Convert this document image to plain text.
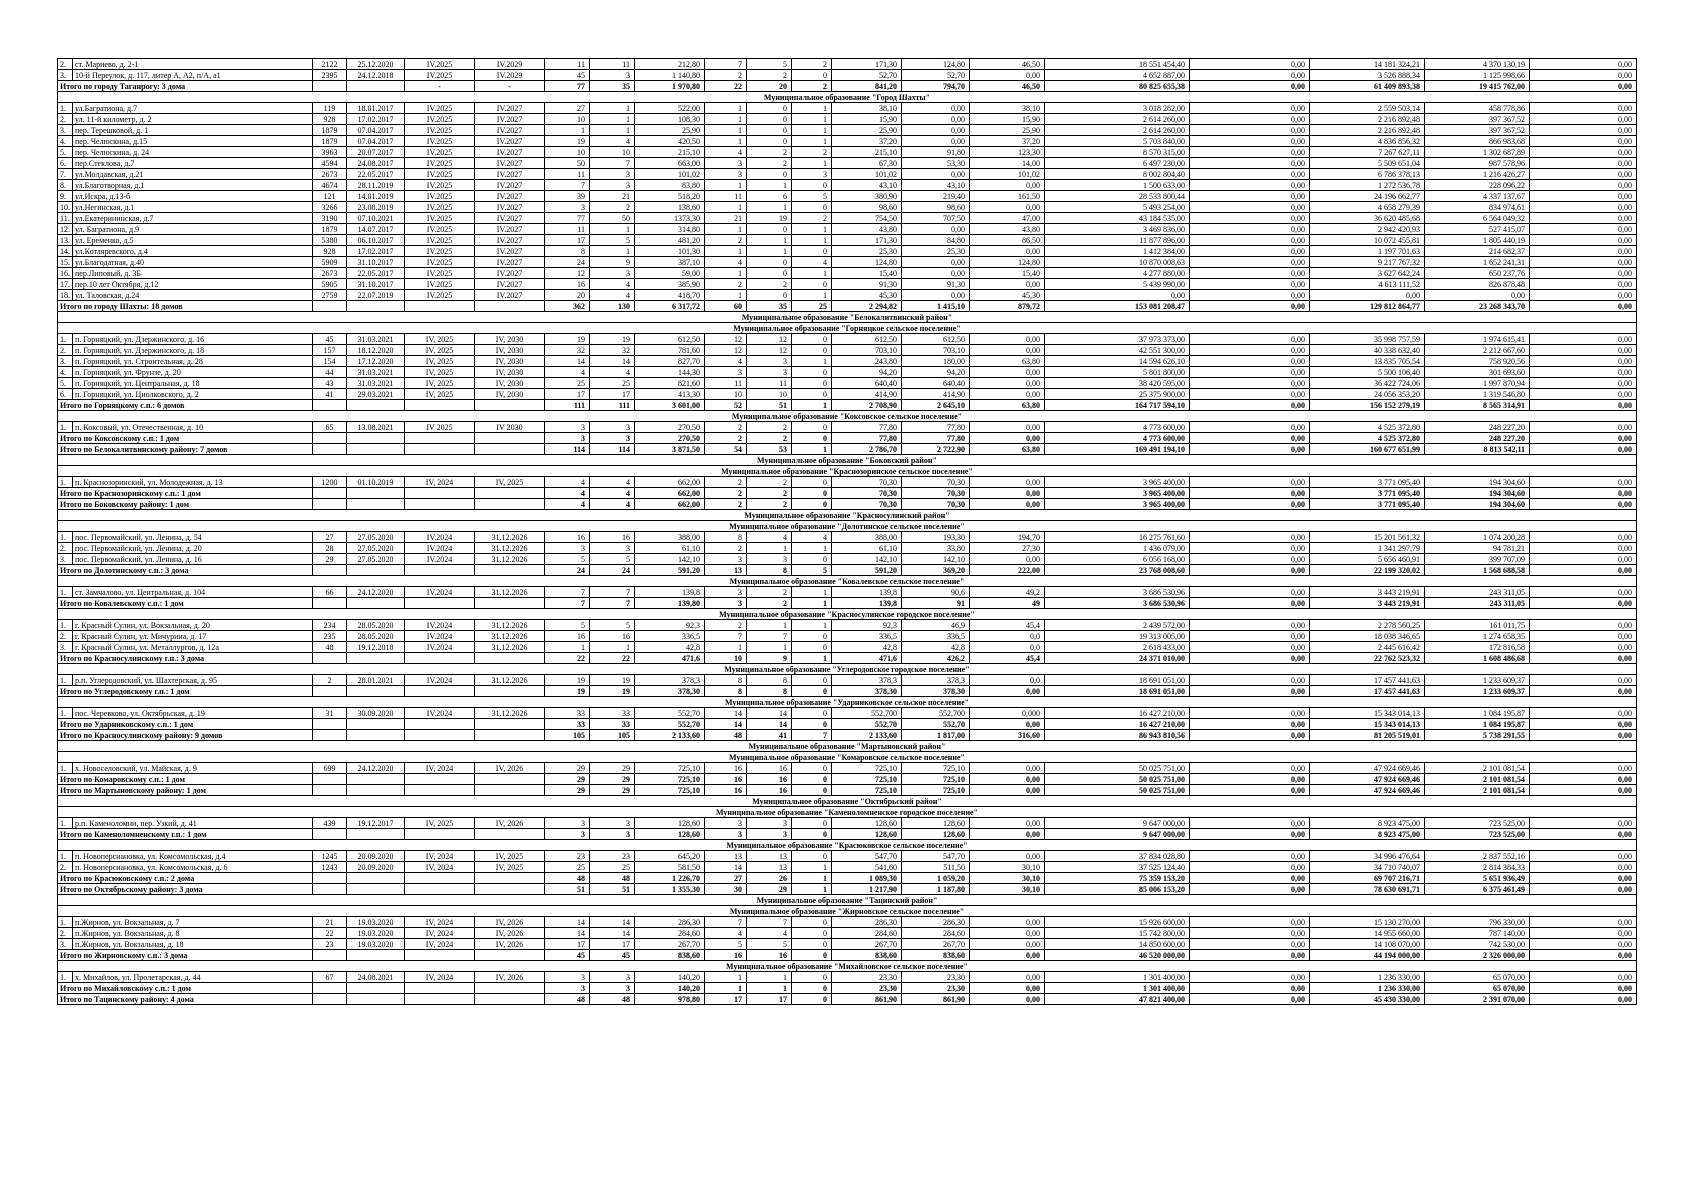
2.	ст. Мариево, д. 2-1	2122	25.12.2020	IV.2025	IV.2029	11	11	212,80	7	5	2	171,30	124,80	46,50	18 551 454,40	0,00	14 181 324,21	4 370 130,19	0,00
3.	10-й Переулок, д. 117, литер А, А2, п/А, а1	2395	24.12.2018	IV.2025	IV.2029	45	3	1 140,80	2	2	0	52,70	52,70	0,00	4 652 887,00	0,00	3 526 888,34	1 125 998,66	0,00
Итого по городу Таганрогу: 3 дома				-	-	77	35	1 970,80	22	20	2	841,20	794,70	46,50	80 825 655,38	0,00	61 409 893,38	19 415 762,00	0,00
Муниципальное образование "Город Шахты"																			
1.	ул.Багратиона, д.7	119	18.01.2017	IV.2025	IV.2027	27	1	522,00	1	0	1	38,10	0,00	38,10	3 018 282,00	0,00	2 559 503,14	458 778,86	0,00
2.	ул. 11-й километр, д. 2	928	17.02.2017	IV.2025	IV.2027	10	1	108,30	1	0	1	15,90	0,00	15,90	2 614 260,00	0,00	2 216 892,48	397 367,52	0,00
3.	пер. Терешковой, д. 1	1879	07.04.2017	IV.2025	IV.2027	1	1	25,90	1	0	1	25,90	0,00	25,90	2 614 260,00	0,00	2 216 892,48	397 367,52	0,00
4.	пер. Челюскина, д.15	1879	07.04.2017	IV.2025	IV.2027	19	4	420,50	1	0	1	37,20	0,00	37,20	5 703 840,00	0,00	4 836 856,32	866 983,68	0,00
5.	пер. Челюскина, д. 24	3963	20.07.2017	IV.2025	IV.2027	10	10	215,10	4	2	2	215,10	91,80	123,30	8 570 315,00	0,00	7 267 627,11	1 302 687,89	0,00
6.	пер.Стекловa, д.7	4594	24.08.2017	IV.2025	IV.2027	50	7	663,00	3	2	1	67,30	53,30	14,00	6 497 230,00	0,00	5 509 651,04	987 578,96	0,00
7.	ул.Молдавская, д.21	2673	22.05.2017	IV.2025	IV.2027	11	3	101,02	3	0	3	101,02	0,00	101,02	8 002 804,40	0,00	6 786 378,13	1 216 426,27	0,00
8.	ул.Благотворная, д.1	4674	28.11.2019	IV.2025	IV.2027	7	3	83,80	1	1	0	43,10	43,10	0,00	1 500 633,00	0,00	1 272 536,78	228 096,22	0,00
9.	ул.Искра, д.13-б	121	14.01.2019	IV.2025	IV.2027	39	21	518,20	11	6	5	380,90	219,40	161,50	28 533 800,44	0,00	24 196 662,77	4 337 137,67	0,00
10.	ул.Негинская, д.1	3266	23.08.2019	IV.2025	IV.2027	3	2	138,60	1	1	0	98,60	98,60	0,00	5 493 254,00	0,00	4 658 279,39	834 974,61	0,00
11.	ул.Екатерининская, д.7	3190	07.10.2021	IV.2025	IV.2027	77	50	1373,30	21	19	2	754,50	707,50	47,00	43 184 535,00	0,00	36 620 485,68	6 564 049,32	0,00
12.	ул. Багратиона, д.9	1879	14.07.2017	IV.2025	IV.2027	11	1	314,80	1	0	1	43,80	0,00	43,80	3 469 836,00	0,00	2 942 420,93	527 415,07	0,00
13.	ул. Еременко, д.5	5380	06.10.2017	IV.2025	IV.2027	17	5	481,20	2	1	1	171,30	84,80	86,50	11 877 896,00	0,00	10 072 455,81	1 805 440,19	0,00
14.	ул.Котляревского, д.4	928	17.02.2017	IV.2025	IV.2027	8	1	101,30	1	1	0	25,30	25,30	0,00	1 412 384,00	0,00	1 197 701,63	214 682,37	0,00
15.	ул.Благодатная, д.40	5909	31.10.2017	IV.2025	IV.2027	24	9	387,10	4	0	4	124,80	0,00	124,80	10 870 008,63	0,00	9 217 767,32	1 652 241,31	0,00
16.	пер.Липовый, д. 3Б	2673	22.05.2017	IV.2025	IV.2027	12	3	59,00	1	0	1	15,40	0,00	15,40	4 277 880,00	0,00	3 627 642,24	650 237,76	0,00
17.	пер.10 лет Октября, д.12	5905	31.10.2017	IV.2025	IV.2027	16	4	385,90	2	2	0	91,30	91,30	0,00	5 439 990,00	0,00	4 613 111,52	826 878,48	0,00
18.	ул. Таловская, д.24	2759	22.07.2019	IV.2025	IV.2027	20	4	418,70	1	0	1	45,30	0,00	45,30	0,00	0,00	0,00	0,00	0,00
Итого по городу Шахты: 18 домов						362	130	6 317,72	60	35	25	2 294,82	1 415,10	879,72	153 081 208,47	0,00	129 812 864,77	23 268 343,70	0,00
Муниципальное образование "Белокалитвинский район"																			
Муниципальное образование "Горняцкое сельское поселение"																			
1.	п. Горняцкий, ул. Дзержинского, д. 16	45	31.03.2021	IV, 2025	IV, 2030	19	19	612,50	12	12	0	612,50	612,50	0,00	37 973 373,00	0,00	35 998 757,59	1 974 615,41	0,00
2.	п. Горняцкий, ул. Дзержинского, д. 18	157	18.12.2020	IV, 2025	IV, 2030	32	32	781,60	12	12	0	703,10	703,10	0,00	42 551 300,00	0,00	40 338 632,40	2 212 667,60	0,00
3.	п. Горняцкий, ул. Строительная, д. 28	154	17.12.2020	IV, 2025	IV, 2030	14	14	827,70	4	3	1	243,80	180,00	63,80	14 594 626,10	0,00	13 835 705,54	758 920,56	0,00
4.	п. Горняцкий, ул. Фрунзе, д. 20	44	31.03.2021	IV, 2025	IV, 2030	4	4	144,30	3	3	0	94,20	94,20	0,00	5 801 800,00	0,00	5 500 106,40	301 693,60	0,00
5.	п. Горняцкий, ул. Центральная, д. 18	43	31.03.2021	IV, 2025	IV, 2030	25	25	821,60	11	11	0	640,40	640,40	0,00	38 420 595,00	0,00	36 422 724,06	1 997 870,94	0,00
6.	п. Горняцкий, ул. Циолковского, д. 2	41	29.03.2021	IV, 2025	IV, 2030	17	17	413,30	10	10	0	414,90	414,90	0,00	25 375 900,00	0,00	24 056 353,20	1 319 546,80	0,00
Итого по Горняцкому с.п.: 6 домов						111	111	3 601,00	52	51	1	2 708,90	2 645,10	63,80	164 717 594,10	0,00	156 152 279,19	8 565 314,91	0,00
Муниципальное образование "Коксовское сельское поселение"																			
1.	п. Коксовый, ул. Отечественная, д. 10	65	13.08.2021	IV 2025	IV 2030	3	3	270,50	2	2	0	77,80	77,80	0,00	4 773 600,00	0,00	4 525 372,80	248 227,20	0,00
Итого по Коксовскому с.п.: 1 дом						3	3	270,50	2	2	0	77,80	77,80	0,00	4 773 600,00	0,00	4 525 372,80	248 227,20	0,00
Итого по Белокалитвинскому району: 7 домов						114	114	3 871,50	54	53	1	2 786,70	2 722,90	63,80	169 491 194,10	0,00	160 677 651,99	8 813 542,11	0,00
Муниципальное образование "Боковский район"																			
Муниципальное образование "Краснозоринское сельское поселение"																			
1.	п. Краснозоринский, ул. Молодежная, д. 13	1200	01.10.2019	IV, 2024	IV, 2025	4	4	662,00	2	2	0	70,30	70,30	0,00	3 965 400,00	0,00	3 771 095,40	194 304,60	0,00
Итого по Краснозоринскому с.п.: 1 дом						4	4	662,00	2	2	0	70,30	70,30	0,00	3 965 400,00	0,00	3 771 095,40	194 304,60	0,00
Итого по Боковскому району: 1 дом						4	4	662,00	2	2	0	70,30	70,30	0,00	3 965 400,00	0,00	3 771 095,40	194 304,60	0,00
Муниципальное образование "Красносулинский район"																			
Муниципальное образование "Долотинское сельское поселение"																			
1.	пос. Первомайский, ул. Ленина, д. 54	27	27.05.2020	IV.2024	31.12.2026	16	16	388,00	8	4	4	388,00	193,30	194,70	16 275 761,60	0,00	15 201 561,32	1 074 200,28	0,00
2.	пос. Первомайский, ул. Ленина, д. 20	28	27.05.2020	IV.2024	31.12.2026	3	3	61,10	2	1	1	61,10	33,80	27,30	1 436 079,00	0,00	1 341 297,79	94 781,21	0,00
3.	пос. Первомайский, ул. Ленина, д. 16	29	27.05.2020	IV.2024	31.12.2026	5	5	142,10	3	3	0	142,10	142,10	0,00	6 056 168,00	0,00	5 656 460,91	399 707,09	0,00
Итого по Долотинскому с.п.: 3 дома						24	24	591,20	13	8	5	591,20	369,20	222,00	23 768 008,60	0,00	22 199 320,02	1 568 688,58	0,00
Муниципальное образование "Ковалевское сельское поселение"																			
1.	ст. Замчалово, ул. Центральная, д. 104	66	24.12.2020	IV.2024	31.12.2026	7	7	139,8	3	2	1	139,8	90,6	49,2	3 686 530,96	0,00	3 443 219,91	243 311,05	0,00
Итого по Ковалевскому с.п.: 1 дом						7	7	139,80	3	2	1	139,8	91	49	3 686 530,96	0,00	3 443 219,91	243 311,05	0,00
Муниципальное образование "Красносулинское городское поселение"																			
1.	г. Красный Сулин, ул. Вокзальная, д. 20	234	28.05.2020	IV.2024	31.12.2026	5	5	92,3	2	1	1	92,3	46,9	45,4	2 439 572,00	0,00	2 278 560,25	161 011,75	0,00
2.	г. Красный Сулин, ул. Мичурина, д. 17	235	28.05.2020	IV.2024	31.12.2026	16	16	336,5	7	7	0	336,5	336,5	0,0	19 313 005,00	0,00	18 038 346,65	1 274 658,35	0,00
3.	г. Красный Сулин, ул. Металлургов, д. 12а	48	19.12.2018	IV.2024	31.12.2026	1	1	42,8	1	1	0	42,8	42,8	0,0	2 618 433,00	0,00	2 445 616,42	172 816,58	0,00
Итого по Красносулинскому г.п.: 3 дома						22	22	471,6	10	9	1	471,6	426,2	45,4	24 371 010,00	0,00	22 762 523,32	1 608 486,68	0,00
Муниципальное образование "Углеродовское городское поселение"																			
1.	р.п. Углеродовский, ул. Шахтерская, д. 95	2	28.01.2021	IV.2024	31.12.2026	19	19	378,3	8	8	0	378,3	378,3	0,0	18 691 051,00	0,00	17 457 441,63	1 233 609,37	0,00
Итого по Углеродовскому г.п.: 1 дом						19	19	378,30	8	8	0	378,30	378,30	0,00	18 691 051,00	0,00	17 457 441,63	1 233 609,37	0,00
Муниципальное образование "Ударниковское сельское поселение"																			
1.	пос. Черевково, ул. Октябрьская, д. 19	31	30.09.2020	IV.2024	31.12.2026	33	33	552,70	14	14	0	552,700	552,700	0,000	16 427 210,00	0,00	15 343 014,13	1 084 195,87	0,00
Итого по Ударниковскому с.п.: 1 дом						33	33	552,70	14	14	0	552,70	552,70	0,00	16 427 210,00	0,00	15 343 014,13	1 084 195,87	0,00
Итого по Красносулинскому району: 9 домов						105	105	2 133,60	48	41	7	2 133,60	1 817,00	316,60	86 943 810,56	0,00	81 205 519,01	5 738 291,55	0,00
Муниципальное образование "Мартыновский район"																			
Муниципальное образование "Комаровское сельское поселение"																			
1.	х. Новоселовский, ул. Майская, д. 9	699	24.12.2020	IV, 2024	IV, 2026	29	29	725,10	16	16	0	725,10	725,10	0,00	50 025 751,00	0,00	47 924 669,46	2 101 081,54	0,00
Итого по Комаровскому с.п.: 1 дом						29	29	725,10	16	16	0	725,10	725,10	0,00	50 025 751,00	0,00	47 924 669,46	2 101 081,54	0,00
Итого по Мартыновскому району: 1 дом						29	29	725,10	16	16	0	725,10	725,10	0,00	50 025 751,00	0,00	47 924 669,46	2 101 081,54	0,00
Муниципальное образование "Октябрьский район"																			
Муниципальное образование "Каменоломненское городское поселение"																			
1.	р.п. Каменоломни, пер. Узкий, д. 41	439	19.12.2017	IV, 2025	IV, 2026	3	3	128,60	3	3	0	128,60	128,60	0,00	9 647 000,00	0,00	8 923 475,00	723 525,00	0,00
Итого по Каменоломненскому г.п.: 1 дом						3	3	128,60	3	3	0	128,60	128,60	0,00	9 647 000,00	0,00	8 923 475,00	723 525,00	0,00
Муниципальное образование "Красюковское сельское поселение"																			
1.	п. Новоперсиановка, ул. Комсомольская, д.4	1245	20.09.2020	IV, 2024	IV, 2025	23	23	645,20	13	13	0	547,70	547,70	0,00	37 834 028,80	0,00	34 996 476,64	2 837 552,16	0,00
2.	п. Новоперсиановка, ул. Комсомольская, д. 6	1243	20.09.2020	IV, 2024	IV, 2025	25	25	581,50	14	13	1	541,60	511,50	30,10	37 525 124,40	0,00	34 710 740,07	2 814 384,33	0,00
Итого по Красюковскому с.п.: 2 дома						48	48	1 226,70	27	26	1	1 089,30	1 059,20	30,10	75 359 153,20	0,00	69 707 216,71	5 651 936,49	0,00
Итого по Октябрьскому району: 3 дома						51	51	1 355,30	30	29	1	1 217,90	1 187,80	30,10	85 006 153,20	0,00	78 630 691,71	6 375 461,49	0,00
Муниципальное образование "Тацинский район"																			
Муниципальное образование "Жирновское сельское поселение"																			
1.	п.Жирнов, ул. Вокзальная, д. 7	21	19.03.2020	IV, 2024	IV, 2026	14	14	286,30	7	7	0	286,30	286,30	0,00	15 926 600,00	0,00	15 130 270,00	796 330,00	0,00
2.	п.Жирнов, ул. Вокзальная, д. 8	22	19.03.2020	IV, 2024	IV, 2026	14	14	284,60	4	4	0	284,60	284,60	0,00	15 742 800,00	0,00	14 955 660,00	787 140,00	0,00
3.	п.Жирнов, ул. Вокзальная, д. 18	23	19.03.2020	IV, 2024	IV, 2026	17	17	267,70	5	5	0	267,70	267,70	0,00	14 850 600,00	0,00	14 108 070,00	742 530,00	0,00
Итого по Жирновскому с.п.: 3 дома						45	45	838,60	16	16	0	838,60	838,60	0,00	46 520 000,00	0,00	44 194 000,00	2 326 000,00	0,00
Муниципальное образование "Михайловское сельское поселение"																			
1.	х. Михайлов, ул. Пролетарская, д. 44	67	24.08.2021	IV, 2024	IV, 2026	3	3	140,20	1	1	0	23,30	23,30	0,00	1 301 400,00	0,00	1 236 330,00	65 070,00	0,00
Итого по Михайловскому с.п.: 1 дом						3	3	140,20	1	1	0	23,30	23,30	0,00	1 301 400,00	0,00	1 236 330,00	65 070,00	0,00
Итого по Тацинскому району: 4 дома						48	48	978,80	17	17	0	861,90	861,90	0,00	47 821 400,00	0,00	45 430 330,00	2 391 070,00	0,00
